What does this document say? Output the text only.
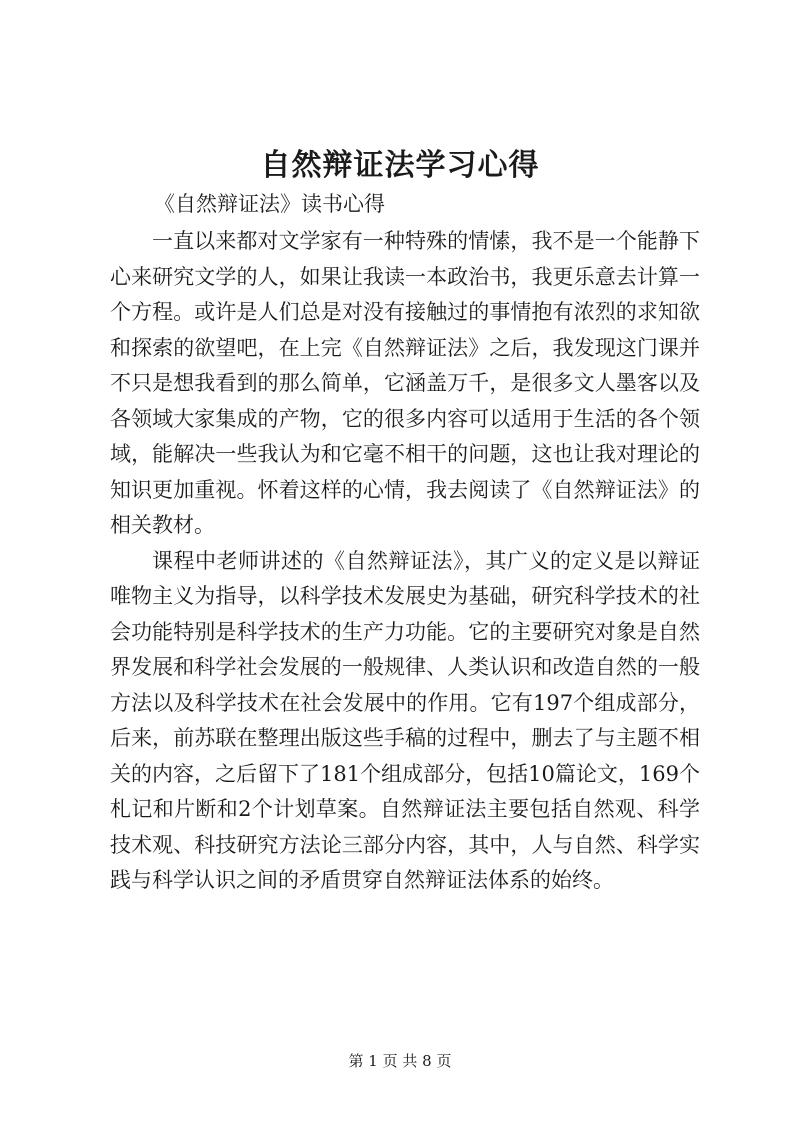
自然辩证法学习心得

《自然辩证法》读书心得

一直以来都对文学家有一种特殊的情愫，我不是一个能静下心来研究文学的人，如果让我读一本政治书，我更乐意去计算一个方程。或许是人们总是对没有接触过的事情抱有浓烈的求知欲和探索的欲望吧，在上完《自然辩证法》之后，我发现这门课并不只是想我看到的那么简单，它涵盖万千，是很多文人墨客以及各领域大家集成的产物，它的很多内容可以适用于生活的各个领域，能解决一些我认为和它毫不相干的问题，这也让我对理论的知识更加重视。怀着这样的心情，我去阅读了《自然辩证法》的相关教材。

课程中老师讲述的《自然辩证法》，其广义的定义是以辩证唯物主义为指导，以科学技术发展史为基础，研究科学技术的社会功能特别是科学技术的生产力功能。它的主要研究对象是自然界发展和科学社会发展的一般规律、人类认识和改造自然的一般方法以及科学技术在社会发展中的作用。它有197个组成部分，后来，前苏联在整理出版这些手稿的过程中，删去了与主题不相关的内容，之后留下了181个组成部分，包括10篇论文，169个札记和片断和2个计划草案。自然辩证法主要包括自然观、科学技术观、科技研究方法论三部分内容，其中，人与自然、科学实践与科学认识之间的矛盾贯穿自然辩证法体系的始终。

第 1 页 共 8 页
